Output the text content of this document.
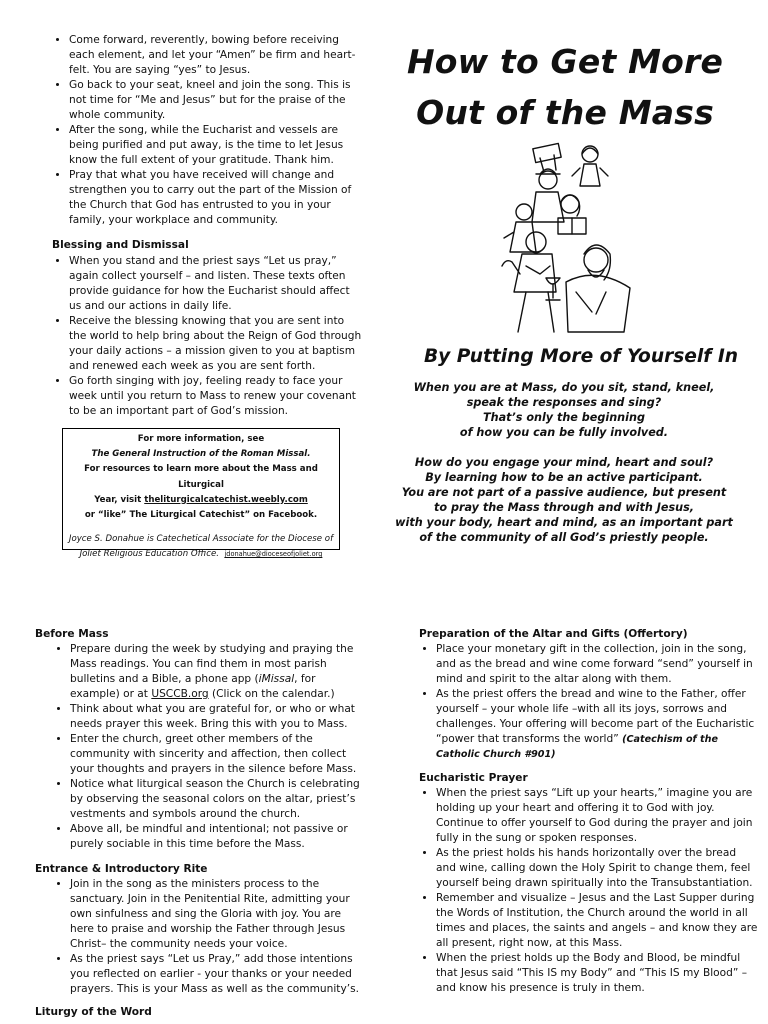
• Come forward, reverently, bowing before receiving each element, and let your “Amen” be firm and heart-felt. You are saying “yes” to Jesus.
• Go back to your seat, kneel and join the song. This is not time for “Me and Jesus” but for the praise of the whole community.
• After the song, while the Eucharist and vessels are being purified and put away, is the time to let Jesus know the full extent of your gratitude. Thank him.
• Pray that what you have received will change and strengthen you to carry out the part of the Mission of the Church that God has entrusted to you in your family, your workplace and community.
Blessing and Dismissal
• When you stand and the priest says “Let us pray,” again collect yourself – and listen. These texts often provide guidance for how the Eucharist should affect us and our actions in daily life.
• Receive the blessing knowing that you are sent into the world to help bring about the Reign of God through your daily actions – a mission given to you at baptism and renewed each week as you are sent forth.
• Go forth singing with joy, feeling ready to face your week until you return to Mass to renew your covenant to be an important part of God’s mission.
For more information, see
The General Instruction of the Roman Missal.
For resources to learn more about the Mass and Liturgical
Year, visit theliturgicalcatechist.weebly.com
or “like” The Liturgical Catechist” on Facebook.
Joyce S. Donahue is Catechetical Associate for the Diocese of
Joliet Religious Education Office. jdonahue@dioceseofjoliet.org
How to Get More
Out of the Mass
By Putting More of Yourself In

When you are at Mass, do you sit, stand, kneel,

speak the responses and sing?

That’s only the beginning

of how you can be fully involved.

How do you engage your mind, heart and soul?

By learning how to be an active participant.

You are not part of a passive audience, but present

to pray the Mass through and with Jesus,

with your body, heart and mind, as an important part

of the community of all God’s priestly people.

Before Mass
• Prepare during the week by studying and praying the Mass readings. You can find them in most parish bulletins and a Bible, a phone app (iMissal, for example) or at USCCB.org (Click on the calendar.)
• Think about what you are grateful for, or who or what needs prayer this week. Bring this with you to Mass.
• Enter the church, greet other members of the community with sincerity and affection, then collect your thoughts and prayers in the silence before Mass.
• Notice what liturgical season the Church is celebrating by observing the seasonal colors on the altar, priest’s vestments and symbols around the church.
• Above all, be mindful and intentional; not passive or purely sociable in this time before the Mass.
Entrance & Introductory Rite
• Join in the song as the ministers process to the sanctuary. Join in the Penitential Rite, admitting your own sinfulness and sing the Gloria with joy. You are here to praise and worship the Father through Jesus Christ– the community needs your voice.
• As the priest says “Let us Pray,” add those intentions you reflected on earlier - your thanks or your needed prayers. This is your Mass as well as the community’s.
Liturgy of the Word
Preparation of the Altar and Gifts (Offertory)
• Place your monetary gift in the collection, join in the song, and as the bread and wine come forward “send” yourself in mind and spirit to the altar along with them.
• As the priest offers the bread and wine to the Father, offer yourself – your whole life –with all its joys, sorrows and challenges. Your offering will become part of the Eucharistic “power that transforms the world” (Catechism of the Catholic Church #901)
Eucharistic Prayer
• When the priest says “Lift up your hearts,” imagine you are holding up your heart and offering it to God with joy. Continue to offer yourself to God during the prayer and join fully in the sung or spoken responses.
• As the priest holds his hands horizontally over the bread and wine, calling down the Holy Spirit to change them, feel yourself being drawn spiritually into the Transubstantiation.
• Remember and visualize – Jesus and the Last Supper during the Words of Institution, the Church around the world in all times and places, the saints and angels – and know they are all present, right now, at this Mass.
• When the priest holds up the Body and Blood, be mindful that Jesus said “This IS my Body” and “This IS my Blood” – and know his presence is truly in them.
